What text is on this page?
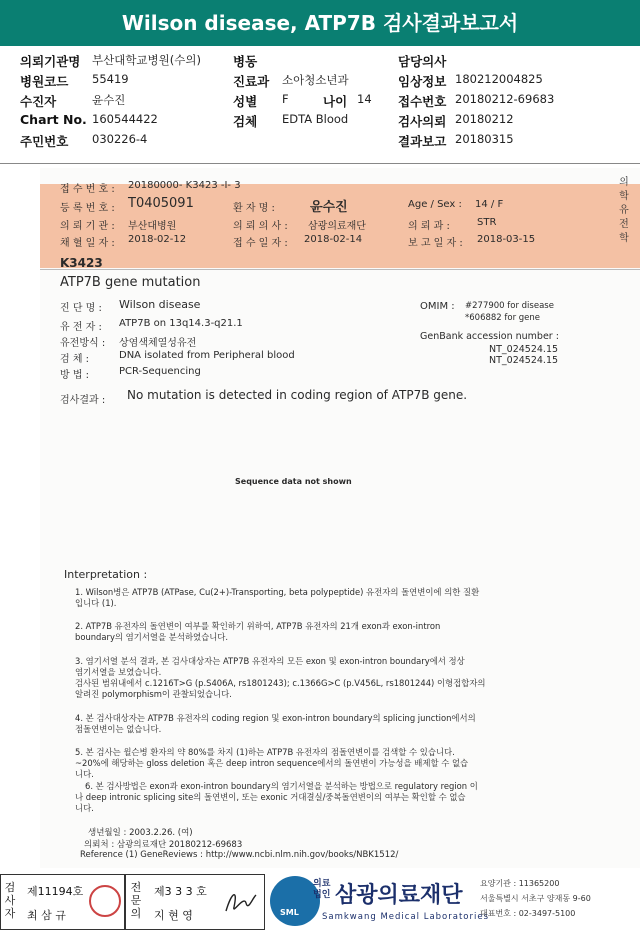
Wilson disease, ATP7B 검사결과보고서
의뢰기관명 부산대학교병원(수의)	병동	담당의사
병원코드 55419	진료과 소아청소년과	임상정보 180212004825
수진자	윤수진	성별 F	나이 14 접수번호 20180212-69683
Chart No. 160544422	검체 EDTA Blood	검사의뢰 20180212
주민번호 030226-4	결과보고 20180315
접 수 번 호 : 20180000- K3423 -I- 3
등 록 번 호 : T0405091	환 자 명 :	윤수진	Age / Sex : 14 / F
의 뢰 기 관 : 부산대병원	의 뢰 의 사 : 삼광의료재단	의 뢰 과 :	STR
채 혈 일 자 : 2018-02-12	접 수 일 자 : 2018-02-14	보 고 일 자 : 2018-03-15
의
학
유
전
학
K3423
ATP7B gene mutation
진 단 명 : Wilson disease
유 전 자 : ATP7B on 13q14.3-q21.1
유전방식 : 상염색체열성유전
검 체 :	DNA isolated from Peripheral blood
방 법 :	PCR-Sequencing
OMIM : #277900 for disease
*606882 for gene
GenBank accession number :
NT_024524.15
NT_024524.15
검사결과 : No mutation is detected in coding region of ATP7B gene.
Sequence data not shown
Interpretation :
1. Wilson병은 ATP7B (ATPase, Cu(2+)-Transporting, beta polypeptide) 유전자의 돌연변이에 의한 질환
입니다 (1).
2. ATP7B 유전자의 돌연변이 여부를 확인하기 위하여, ATP7B 유전자의 21개 exon과 exon-intron
boundary의 염기서열을 분석하였습니다.
3. 염기서열 분석 결과, 본 검사대상자는 ATP7B 유전자의 모든 exon 및 exon-intron boundary에서 정상
염기서열을 보였습니다.
검사된 범위내에서 c.1216T>G (p.S406A, rs1801243); c.1366G>C (p.V456L, rs1801244) 이형접합자의
알려진 polymorphism이 관찰되었습니다.
4. 본 검사대상자는 ATP7B 유전자의 coding region 및 exon-intron boundary의 splicing junction에서의
점돌연변이는 없습니다.
5. 본 검사는 윌슨병 환자의 약 80%를 차지 (1)하는 ATP7B 유전자의 점돌연변이를 검색할 수 있습니다.
~20%에 해당하는 gloss deletion 혹은 deep intron sequence에서의 돌연변이 가능성을 배제할 수 없습
니다.
6. 본 검사방법은 exon과 exon-intron boundary의 염기서열을 분석하는 방법으로 regulatory region 이
나 deep intronic splicing site의 돌연변이, 또는 exonic 거대결실/중복돌연변이의 여부는 확인할 수 없습
니다.
생년월일 : 2003.2.26. (여)
의뢰처 : 삼광의료재단 20180212-69683
Reference (1) GeneReviews : http://www.ncbi.nlm.nih.gov/books/NBK1512/
검
사
자
제11194호
최 삼 규
전
문
의
제3 3 3 호
지 현 영	SML
의료
법인 삼광의료재단
Samkwang Medical Laboratories
요양기관 : 11365200
서울특별시 서초구 양재동 9-60
대표번호 : 02-3497-5100
